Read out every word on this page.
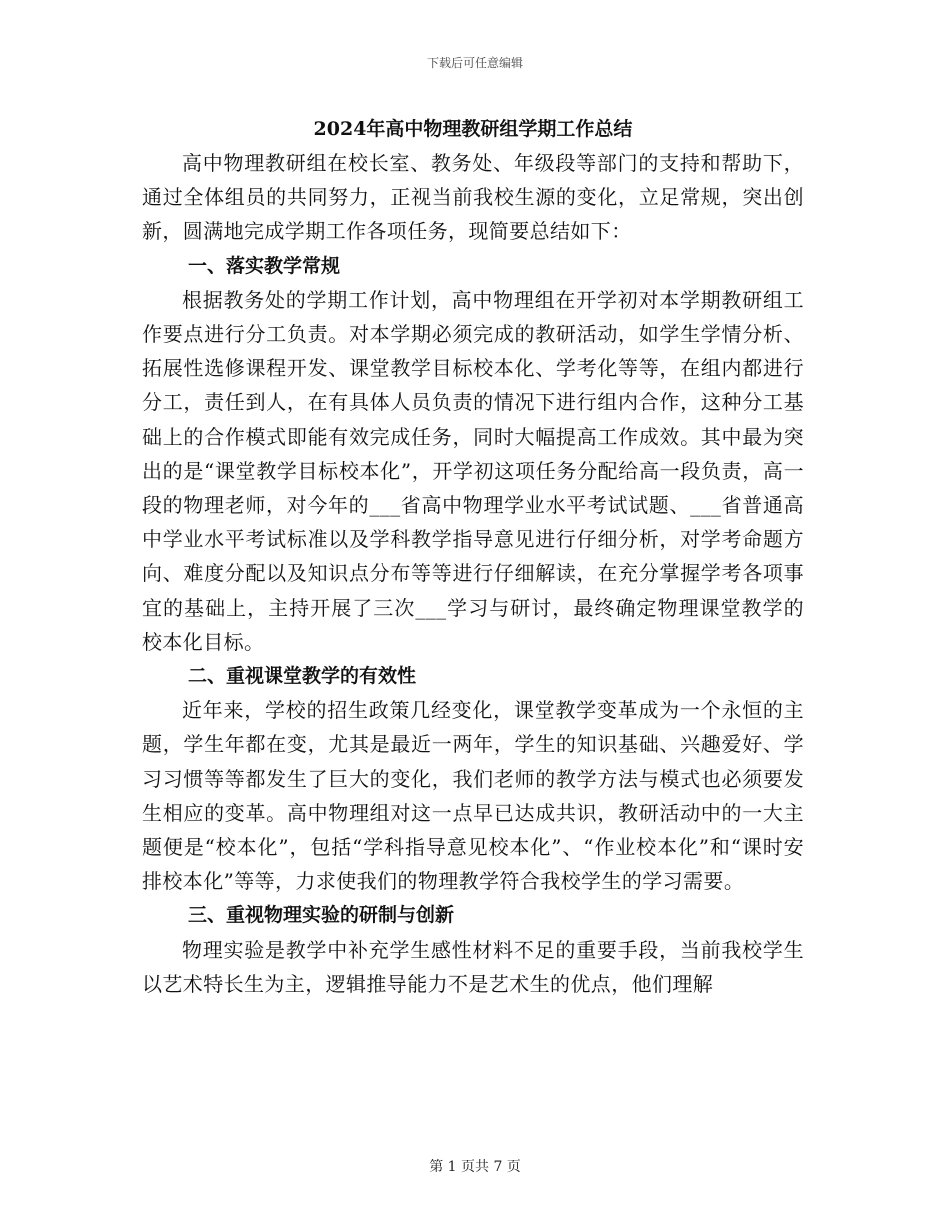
下载后可任意编辑
2024年高中物理教研组学期工作总结

高中物理教研组在校长室、教务处、年级段等部门的支持和帮助下，通过全体组员的共同努力，正视当前我校生源的变化，立足常规，突出创新，圆满地完成学期工作各项任务，现简要总结如下：

一、落实教学常规

根据教务处的学期工作计划，高中物理组在开学初对本学期教研组工作要点进行分工负责。对本学期必须完成的教研活动，如学生学情分析、拓展性选修课程开发、课堂教学目标校本化、学考化等等，在组内都进行分工，责任到人，在有具体人员负责的情况下进行组内合作，这种分工基础上的合作模式即能有效完成任务，同时大幅提高工作成效。其中最为突出的是“课堂教学目标校本化”，开学初这项任务分配给高一段负责，高一段的物理老师，对今年的___省高中物理学业水平考试试题、___省普通高中学业水平考试标准以及学科教学指导意见进行仔细分析，对学考命题方向、难度分配以及知识点分布等等进行仔细解读，在充分掌握学考各项事宜的基础上，主持开展了三次___学习与研讨，最终确定物理课堂教学的校本化目标。

二、重视课堂教学的有效性

近年来，学校的招生政策几经变化，课堂教学变革成为一个永恒的主题，学生年都在变，尤其是最近一两年，学生的知识基础、兴趣爱好、学习习惯等等都发生了巨大的变化，我们老师的教学方法与模式也必须要发生相应的变革。高中物理组对这一点早已达成共识，教研活动中的一大主题便是“校本化”，包括“学科指导意见校本化”、“作业校本化”和“课时安排校本化”等等，力求使我们的物理教学符合我校学生的学习需要。

三、重视物理实验的研制与创新

物理实验是教学中补充学生感性材料不足的重要手段，当前我校学生以艺术特长生为主，逻辑推导能力不是艺术生的优点，他们理解

第 1 页共 7 页
